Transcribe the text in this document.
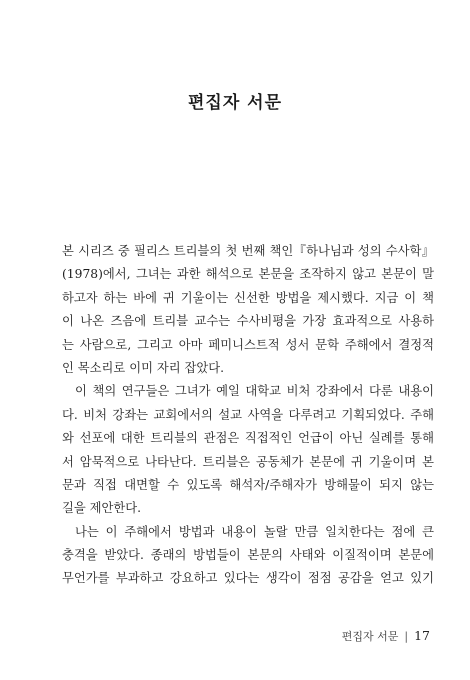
편집자 서문
본 시리즈 중 필리스 트리블의 첫 번째 책인『하나님과 성의 수사학』
(1978)에서, 그녀는 과한 해석으로 본문을 조작하지 않고 본문이 말
하고자 하는 바에 귀 기울이는 신선한 방법을 제시했다. 지금 이 책
이 나온 즈음에 트리블 교수는 수사비평을 가장 효과적으로 사용하
는 사람으로, 그리고 아마 페미니스트적 성서 문학 주해에서 결정적
인 목소리로 이미 자리 잡았다.
이 책의 연구들은 그녀가 예일 대학교 비처 강좌에서 다룬 내용이
다. 비처 강좌는 교회에서의 설교 사역을 다루려고 기획되었다. 주해
와 선포에 대한 트리블의 관점은 직접적인 언급이 아닌 실례를 통해
서 암묵적으로 나타난다. 트리블은 공동체가 본문에 귀 기울이며 본
문과 직접 대면할 수 있도록 해석자/주해자가 방해물이 되지 않는
길을 제안한다.
나는 이 주해에서 방법과 내용이 놀랄 만큼 일치한다는 점에 큰
충격을 받았다. 종래의 방법들이 본문의 사태와 이질적이며 본문에
무언가를 부과하고 강요하고 있다는 생각이 점점 공감을 얻고 있기
편집자 서문 | 17
